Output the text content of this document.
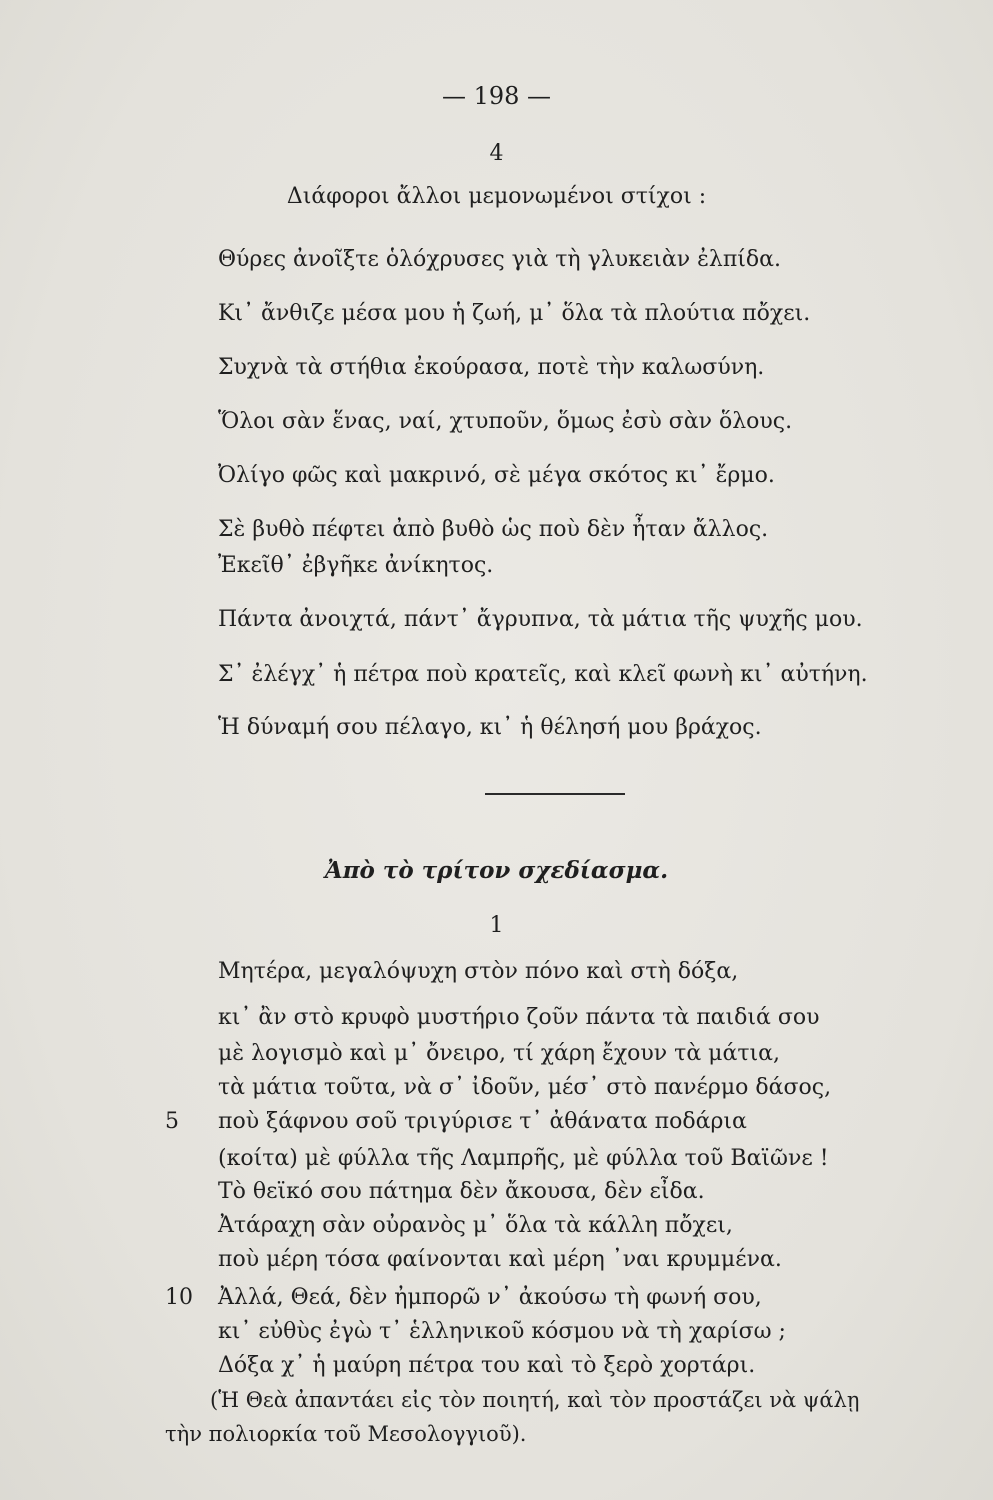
— 198 —
4
Διάφοροι ἄλλοι μεμονωμένοι στίχοι :
Θύρες ἀνοῖξτε ὁλόχρυσες γιὰ τὴ γλυκειὰν ἐλπίδα.
Κι᾿ ἄνθιζε μέσα μου ἡ ζωή, μ᾿ ὅλα τὰ πλούτια πὄχει.
Συχνὰ τὰ στήθια ἐκούρασα, ποτὲ τὴν καλωσύνη.
Ὅλοι σὰν ἕνας, ναί, χτυποῦν, ὅμως ἐσὺ σὰν ὅλους.
Ὀλίγο φῶς καὶ μακρινό, σὲ μέγα σκότος κι᾿ ἔρμο.
Σὲ βυθὸ πέφτει ἀπὸ βυθὸ ὡς ποὺ δὲν ἦταν ἄλλος.
Ἐκεῖθ᾿ ἐβγῆκε ἀνίκητος.
Πάντα ἀνοιχτά, πάντ᾿ ἄγρυπνα, τὰ μάτια τῆς ψυχῆς μου.
Σ᾿ ἐλέγχ᾿ ἡ πέτρα ποὺ κρατεῖς, καὶ κλεῖ φωνὴ κι᾿ αὐτήνη.
Ἡ δύναμή σου πέλαγο, κι᾿ ἡ θέλησή μου βράχος.
Ἀπὸ τὸ τρίτον σχεδίασμα.
1
Μητέρα, μεγαλόψυχη στὸν πόνο καὶ στὴ δόξα,
κι᾿ ἂν στὸ κρυφὸ μυστήριο ζοῦν πάντα τὰ παιδιά σου
μὲ λογισμὸ καὶ μ᾿ ὄνειρο, τί χάρη ἔχουν τὰ μάτια,
τὰ μάτια τοῦτα, νὰ σ᾿ ἰδοῦν, μέσ᾿ στὸ πανέρμο δάσος,
5 ποὺ ξάφνου σοῦ τριγύρισε τ᾿ ἀθάνατα ποδάρια
(κοίτα) μὲ φύλλα τῆς Λαμπρῆς, μὲ φύλλα τοῦ Βαϊῶνε !
Τὸ θεϊκό σου πάτημα δὲν ἄκουσα, δὲν εἶδα.
Ἀτάραχη σὰν οὐρανὸς μ᾿ ὅλα τὰ κάλλη πὄχει,
ποὺ μέρη τόσα φαίνονται καὶ μέρη ᾿ναι κρυμμένα.
10 Ἀλλά, Θεά, δὲν ἠμπορῶ ν᾿ ἀκούσω τὴ φωνή σου,
κι᾿ εὐθὺς ἐγὼ τ᾿ ἑλληνικοῦ κόσμου νὰ τὴ χαρίσω ;
Δόξα χ᾿ ἡ μαύρη πέτρα του καὶ τὸ ξερὸ χορτάρι.
(Ἡ Θεὰ ἀπαντάει εἰς τὸν ποιητή, καὶ τὸν προστάζει νὰ ψάλῃ
τὴν πολιορκία τοῦ Μεσολογγιοῦ).
